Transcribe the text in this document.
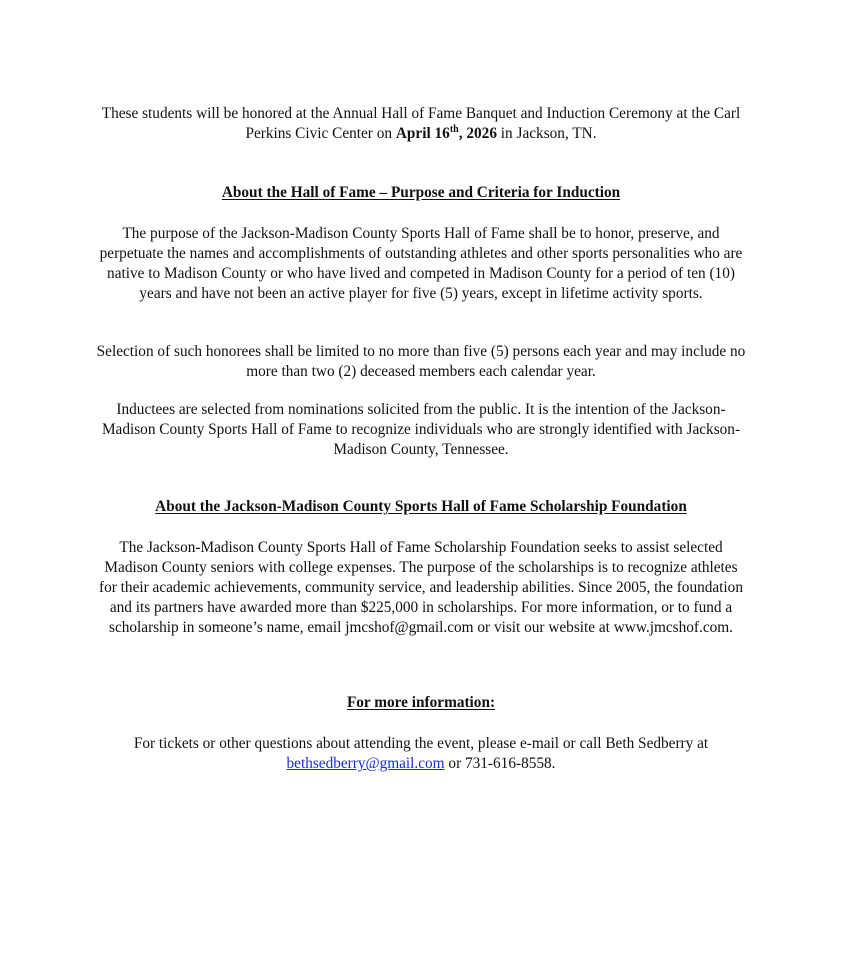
These students will be honored at the Annual Hall of Fame Banquet and Induction Ceremony at the Carl Perkins Civic Center on April 16th, 2026 in Jackson, TN.

About the Hall of Fame – Purpose and Criteria for Induction

The purpose of the Jackson-Madison County Sports Hall of Fame shall be to honor, preserve, and perpetuate the names and accomplishments of outstanding athletes and other sports personalities who are native to Madison County or who have lived and competed in Madison County for a period of ten (10) years and have not been an active player for five (5) years, except in lifetime activity sports.

Selection of such honorees shall be limited to no more than five (5) persons each year and may include no more than two (2) deceased members each calendar year.

Inductees are selected from nominations solicited from the public. It is the intention of the Jackson-Madison County Sports Hall of Fame to recognize individuals who are strongly identified with Jackson-Madison County, Tennessee.

About the Jackson-Madison County Sports Hall of Fame Scholarship Foundation

The Jackson-Madison County Sports Hall of Fame Scholarship Foundation seeks to assist selected Madison County seniors with college expenses. The purpose of the scholarships is to recognize athletes for their academic achievements, community service, and leadership abilities. Since 2005, the foundation and its partners have awarded more than $225,000 in scholarships. For more information, or to fund a scholarship in someone’s name, email jmcshof@gmail.com or visit our website at www.jmcshof.com.

For more information:

For tickets or other questions about attending the event, please e-mail or call Beth Sedberry at bethsedberry@gmail.com or 731-616-8558.
